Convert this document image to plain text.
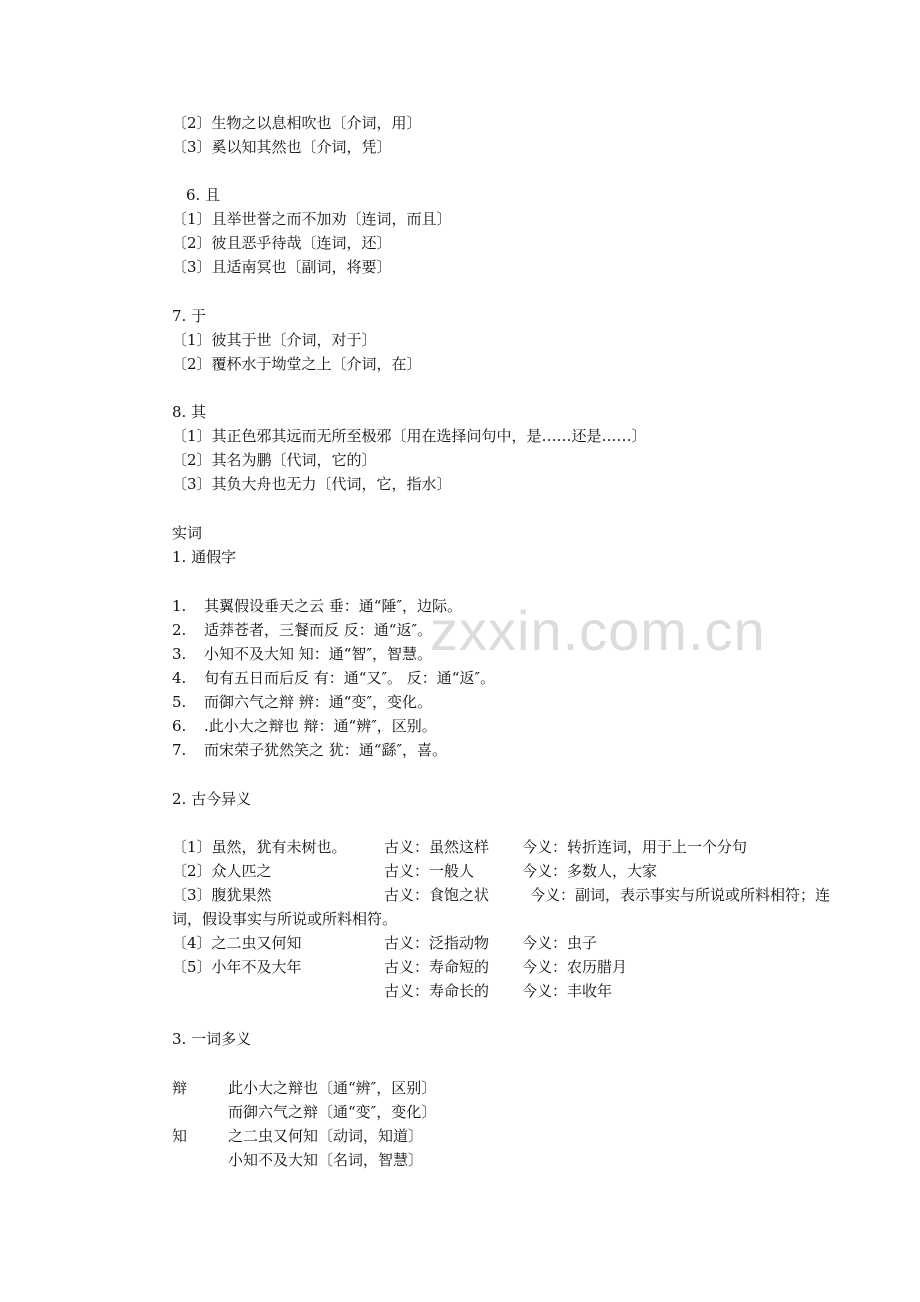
zxxin.com.cn
〔2〕生物之以息相吹也〔介词，用〕
〔3〕奚以知其然也〔介词，凭〕
6. 且
〔1〕且举世誉之而不加劝〔连词，而且〕
〔2〕彼且恶乎待哉〔连词，还〕
〔3〕且适南冥也〔副词，将要〕
7. 于
〔1〕彼其于世〔介词，对于〕
〔2〕覆杯水于坳堂之上〔介词，在〕
8. 其
〔1〕其正色邪其远而无所至极邪〔用在选择问句中，是……还是……〕
〔2〕其名为鹏〔代词，它的〕
〔3〕其负大舟也无力〔代词，它，指水〕
实词
1. 通假字
1. 其翼假设垂天之云 垂：通“陲″，边际。
2. 适莽苍者，三餐而反 反：通“返″。
3. 小知不及大知 知：通“智″，智慧。
4. 旬有五日而后反 有：通“又″。 反：通“返″。
5. 而御六气之辩 辨：通“变″，变化。
6. .此小大之辩也 辩：通“辨″，区别。
7. 而宋荣子犹然笑之 犹：通“繇″，喜。
2. 古今异义
〔1〕虽然，犹有未树也。 古义：虽然这样 今义：转折连词，用于上一个分句
〔2〕众人匹之	古义：一般人	今义：多数人，大家
〔3〕腹犹果然	古义：食饱之状	今义：副词，表示事实与所说或所料相符；连
词，假设事实与所说或所料相符。
〔4〕之二虫又何知	古义：泛指动物 今义：虫子
〔5〕小年不及大年	古义：寿命短的 今义：农历腊月
古义：寿命长的 今义：丰收年
3. 一词多义
辩	此小大之辩也〔通“辨″，区别〕
而御六气之辩〔通“变″，变化〕
知	之二虫又何知〔动词，知道〕
小知不及大知〔名词，智慧〕
